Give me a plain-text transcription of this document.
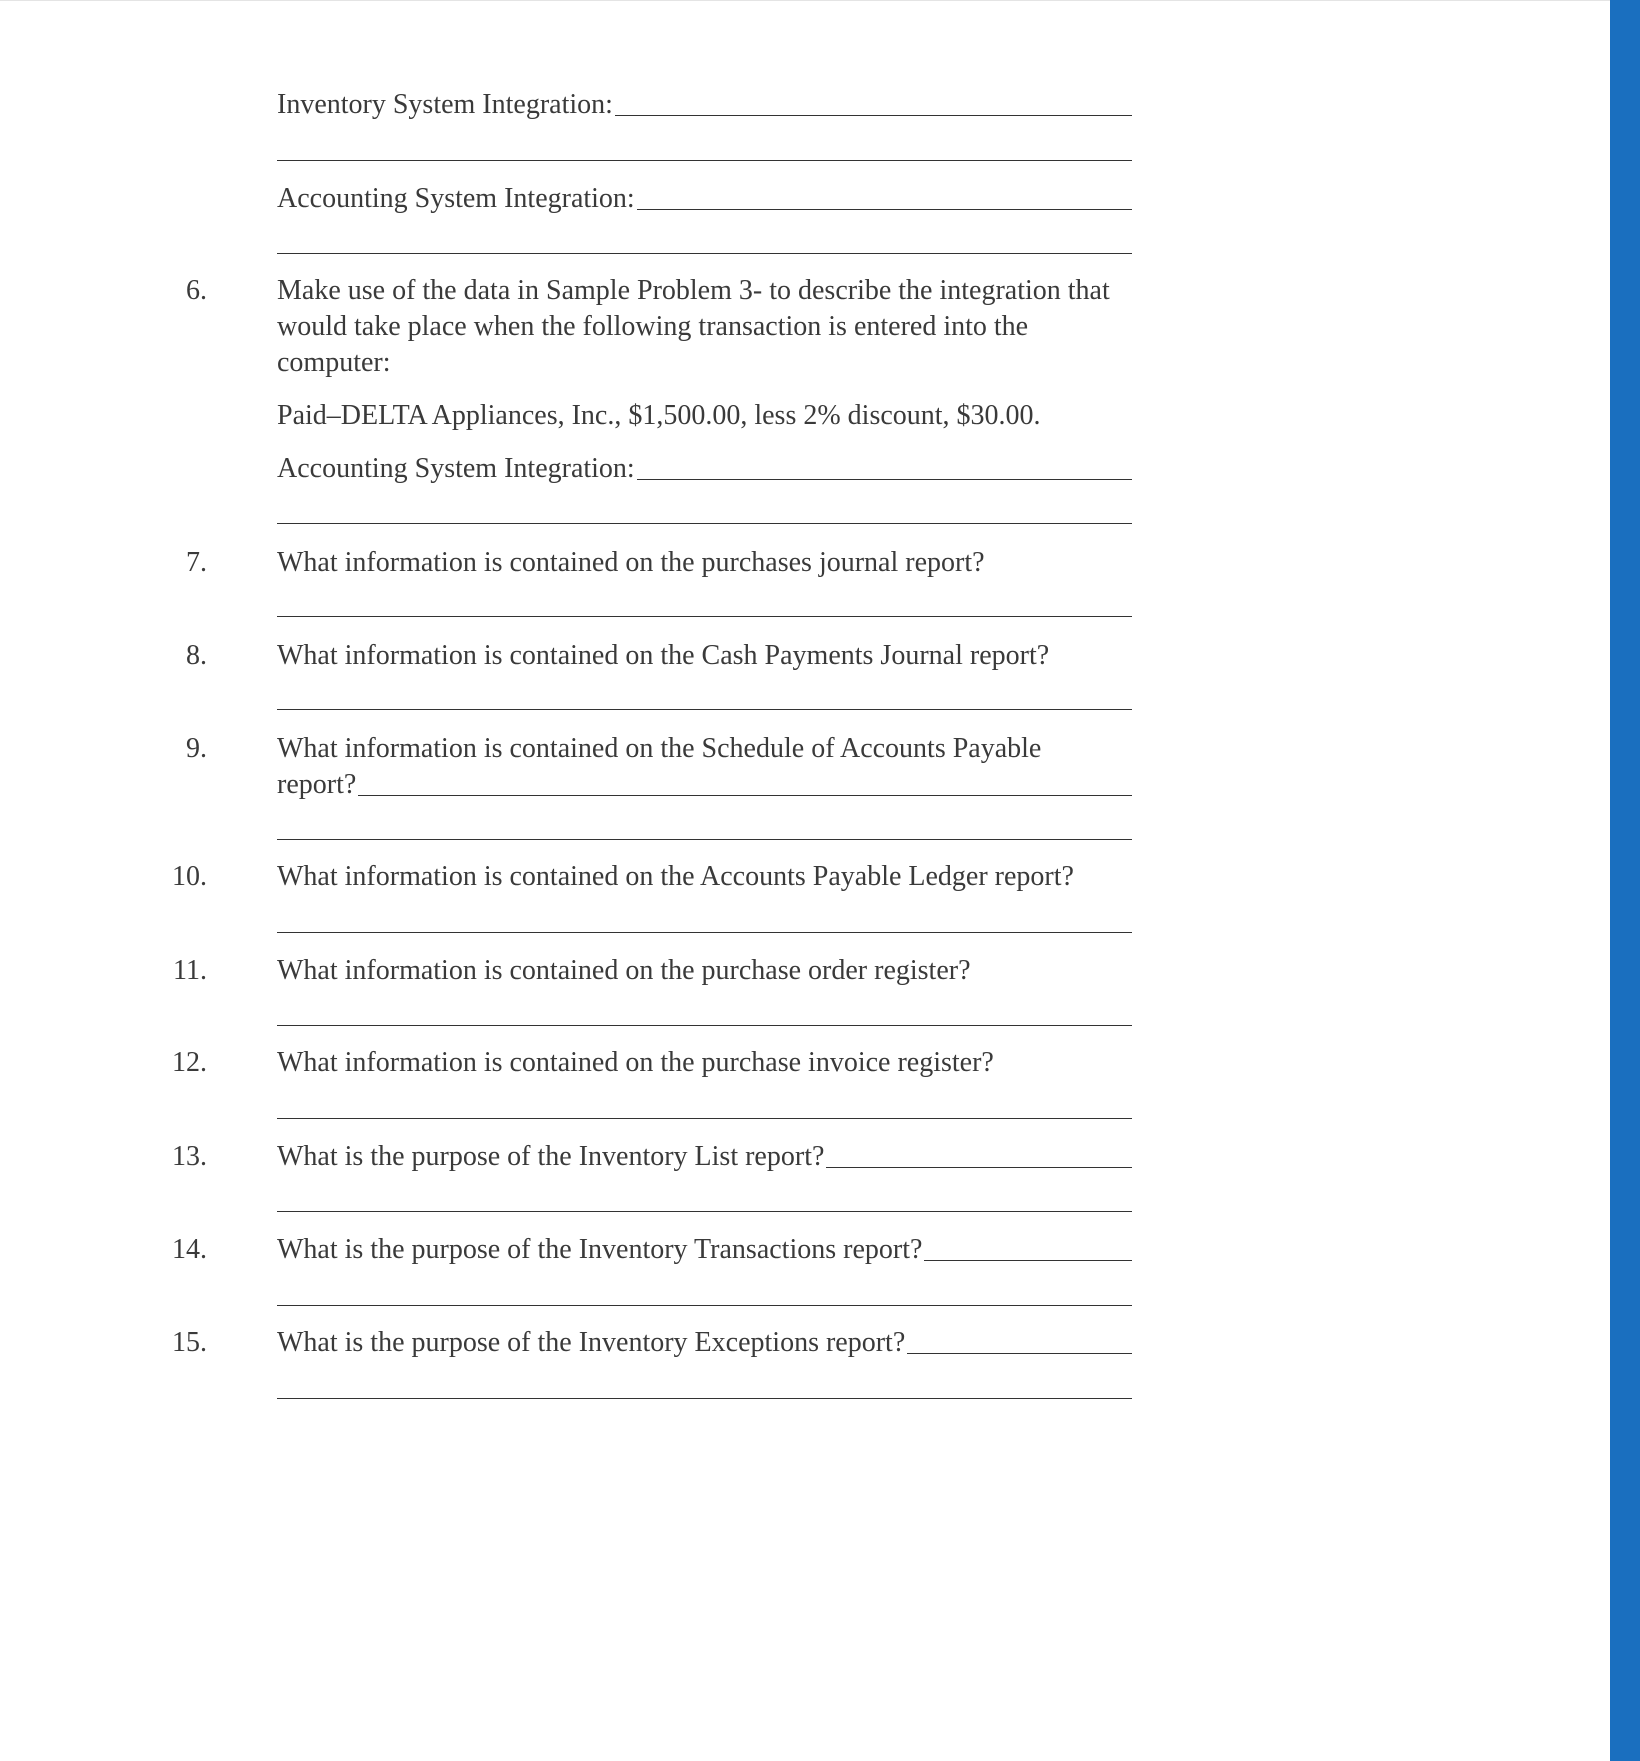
Inventory System Integration:
Accounting System Integration:
6.	Make use of the data in Sample Problem 3- to describe the integration that would take place when the following transaction is entered into the computer:
Paid–DELTA Appliances, Inc., $1,500.00, less 2% discount, $30.00.
Accounting System Integration:
7.	What information is contained on the purchases journal report?
8.	What information is contained on the Cash Payments Journal report?
9.	What information is contained on the Schedule of Accounts Payable
report?
10.	What information is contained on the Accounts Payable Ledger report?
11.	What information is contained on the purchase order register?
12.	What information is contained on the purchase invoice register?
13.	What is the purpose of the Inventory List report?
14.	What is the purpose of the Inventory Transactions report?
15.	What is the purpose of the Inventory Exceptions report?
